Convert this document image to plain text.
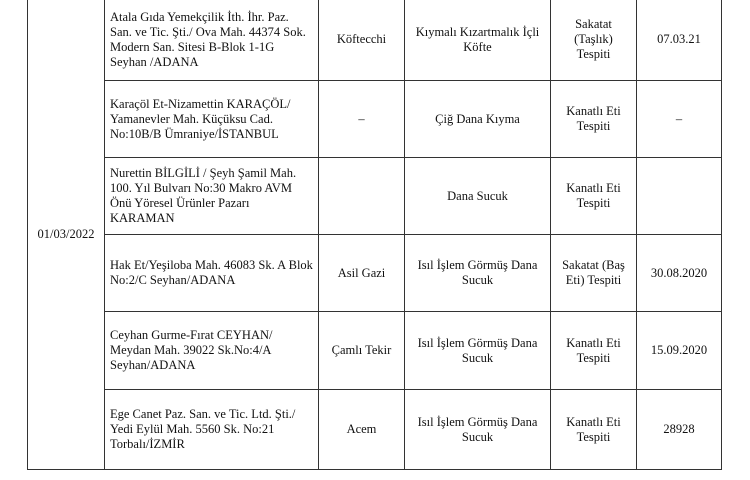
01/03/2022	Atala Gıda Yemekçilik İth. İhr. Paz. San. ve Tic. Şti./ Ova Mah. 44374 Sok. Modern San. Sitesi B-Blok 1-1G Seyhan /ADANA	Köftecchi	Kıymalı Kızartmalık İçli Köfte	Sakatat (Taşlık) Tespiti	07.03.21
	Karaçöl Et-Nizamettin KARAÇÖL/ Yamanevler Mah. Küçüksu Cad. No:10B/B Ümraniye/İSTANBUL	–	Çiğ Dana Kıyma	Kanatlı Eti Tespiti	–
	Nurettin BİLGİLİ / Şeyh Şamil Mah. 100. Yıl Bulvarı No:30 Makro AVM Önü Yöresel Ürünler Pazarı KARAMAN		Dana Sucuk	Kanatlı Eti Tespiti	
	Hak Et/Yeşiloba Mah. 46083 Sk. A Blok No:2/C Seyhan/ADANA	Asil Gazi	Isıl İşlem Görmüş Dana Sucuk	Sakatat (Baş Eti) Tespiti	30.08.2020
	Ceyhan Gurme-Fırat CEYHAN/ Meydan Mah. 39022 Sk.No:4/A Seyhan/ADANA	Çamlı Tekir	Isıl İşlem Görmüş Dana Sucuk	Kanatlı Eti Tespiti	15.09.2020
	Ege Canet Paz. San. ve Tic. Ltd. Şti./ Yedi Eylül Mah. 5560 Sk. No:21 Torbalı/İZMİR	Acem	Isıl İşlem Görmüş Dana Sucuk	Kanatlı Eti Tespiti	28928
